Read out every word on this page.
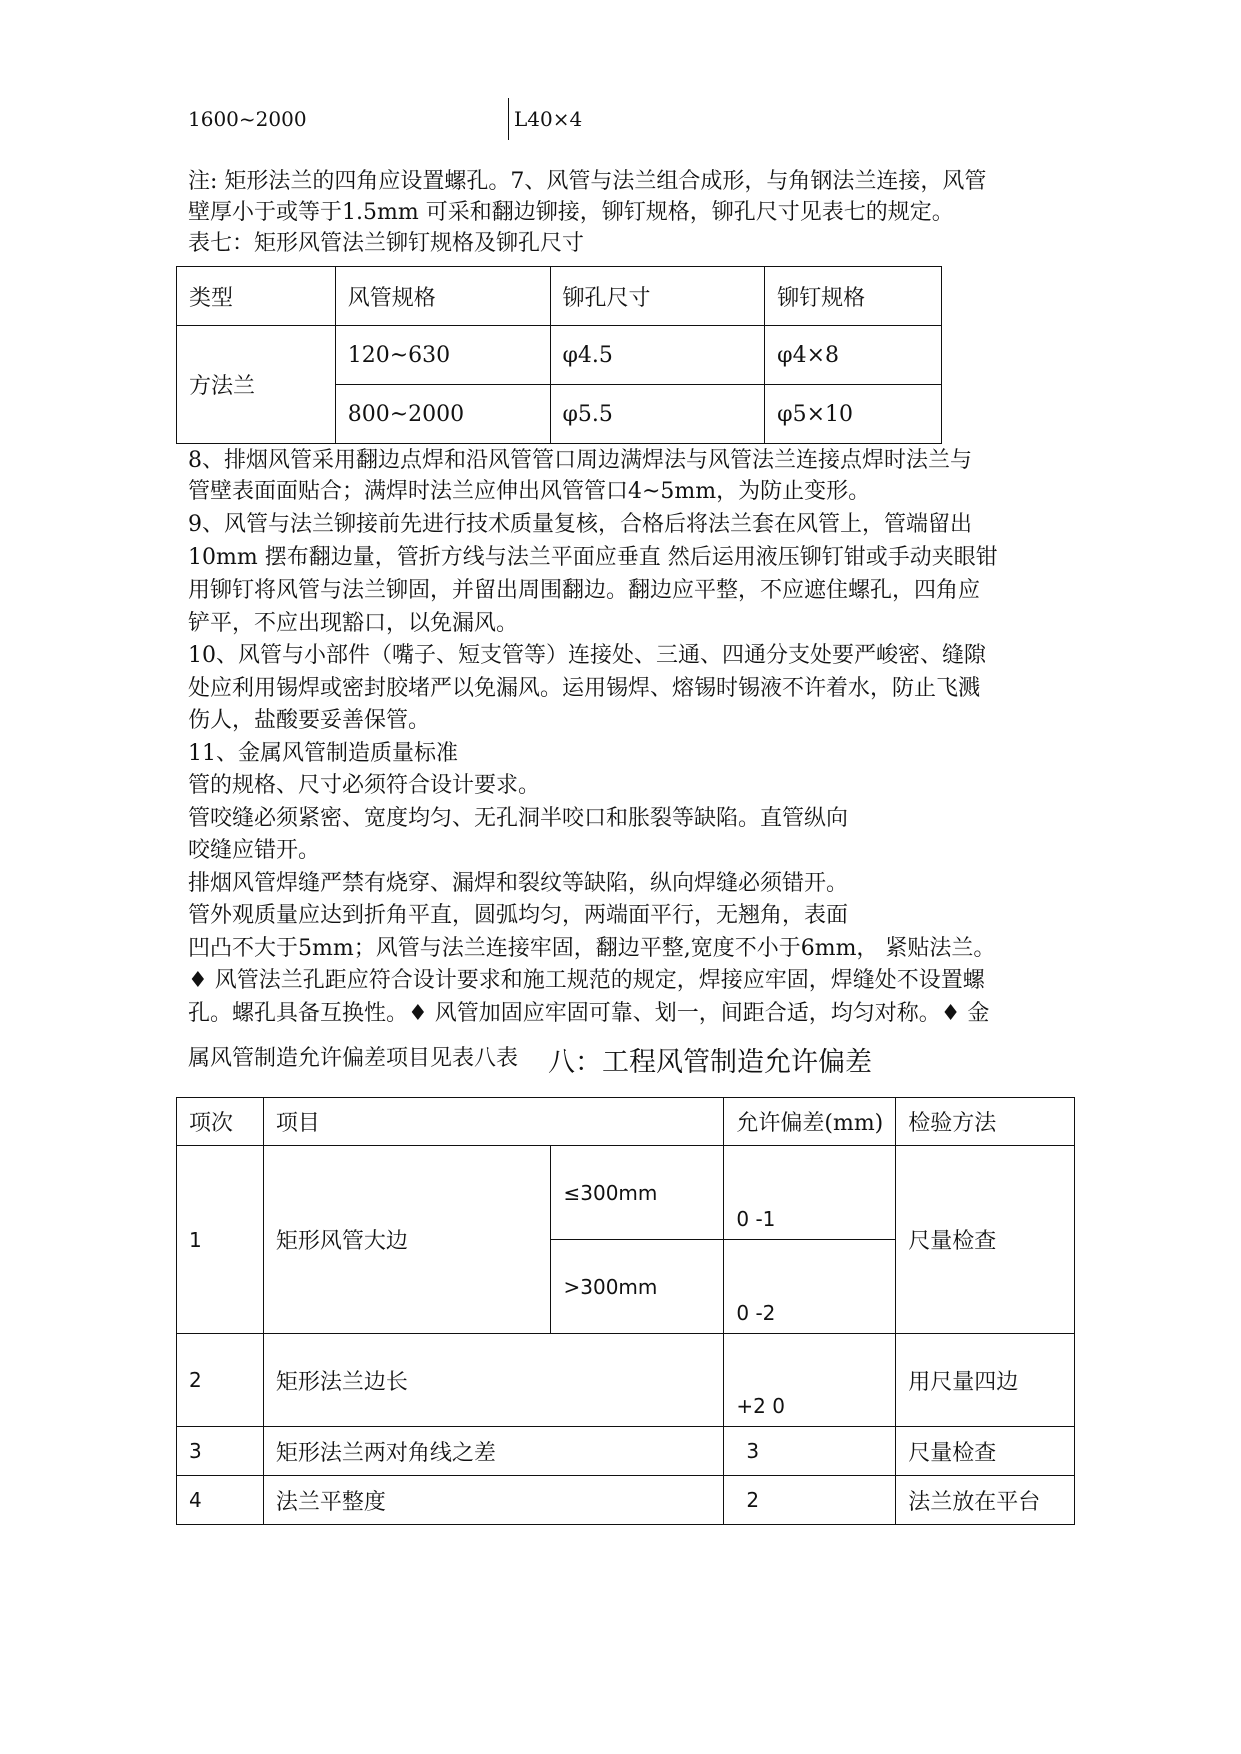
1600~2000	L40×4
注: 矩形法兰的四角应设置螺孔。7、风管与法兰组合成形，与角钢法兰连接，风管
壁厚小于或等于1.5mm 可采和翻边铆接，铆钉规格，铆孔尺寸见表七的规定。
表七：矩形风管法兰铆钉规格及铆孔尺寸
类型	风管规格	铆孔尺寸	铆钉规格
方法兰	120~630	φ4.5	φ4×8
	800~2000	φ5.5	φ5×10
8、排烟风管采用翻边点焊和沿风管管口周边满焊法与风管法兰连接点焊时法兰与
管壁表面面贴合；满焊时法兰应伸出风管管口4~5mm，为防止变形。
9、风管与法兰铆接前先进行技术质量复核，合格后将法兰套在风管上，管端留出
10mm 摆布翻边量，管折方线与法兰平面应垂直 然后运用液压铆钉钳或手动夹眼钳
用铆钉将风管与法兰铆固，并留出周围翻边。翻边应平整，不应遮住螺孔，四角应
铲平，不应出现豁口，以免漏风。
10、风管与小部件（嘴子、短支管等）连接处、三通、四通分支处要严峻密、缝隙
处应利用锡焊或密封胶堵严以免漏风。运用锡焊、熔锡时锡液不许着水，防止飞溅
伤人，盐酸要妥善保管。
11、金属风管制造质量标准
管的规格、尺寸必须符合设计要求。
管咬缝必须紧密、宽度均匀、无孔洞半咬口和胀裂等缺陷。直管纵向
咬缝应错开。
排烟风管焊缝严禁有烧穿、漏焊和裂纹等缺陷，纵向焊缝必须错开。
管外观质量应达到折角平直，圆弧均匀，两端面平行，无翘角，表面
凹凸不大于5mm；风管与法兰连接牢固，翻边平整,宽度不小于6mm， 紧贴法兰。
♦ 风管法兰孔距应符合设计要求和施工规范的规定，焊接应牢固，焊缝处不设置螺
孔。螺孔具备互换性。♦ 风管加固应牢固可靠、划一，间距合适，均匀对称。♦ 金
属风管制造允许偏差项目见表八表 八：工程风管制造允许偏差
项次	项目		允许偏差(mm)	检验方法
1	矩形风管大边	≤300mm	0 -1	尺量检查
		>300mm	0 -2	
2	矩形法兰边长		+2 0	用尺量四边
3	矩形法兰两对角线之差		3	尺量检查
4	法兰平整度		2	法兰放在平台
